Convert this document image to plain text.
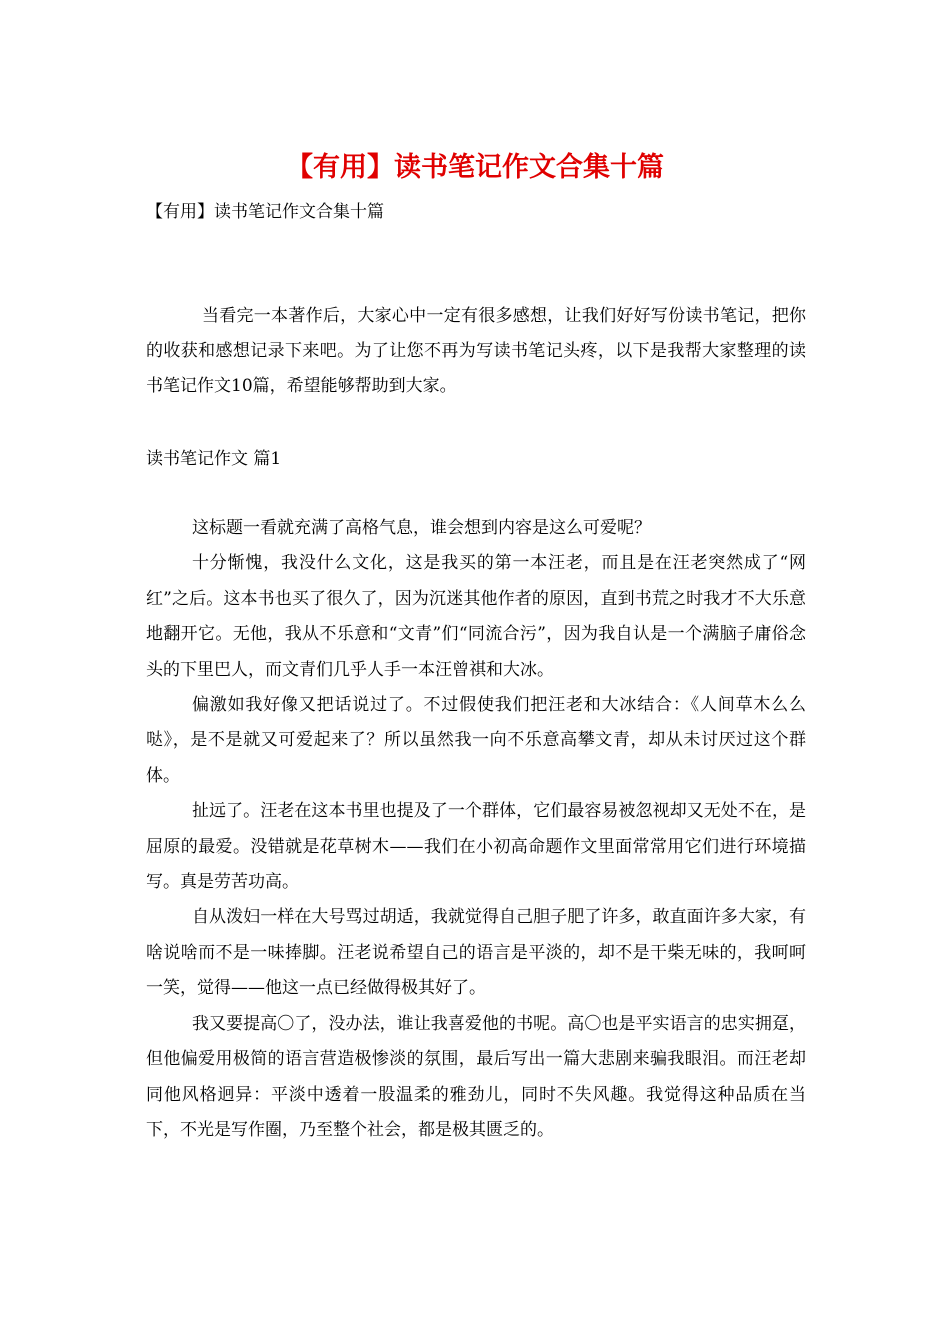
【有用】读书笔记作文合集十篇
【有用】读书笔记作文合集十篇

当看完一本著作后，大家心中一定有很多感想，让我们好好写份读书笔记，把你的收获和感想记录下来吧。为了让您不再为写读书笔记头疼，以下是我帮大家整理的读书笔记作文10篇，希望能够帮助到大家。

读书笔记作文 篇1

这标题一看就充满了高格气息，谁会想到内容是这么可爱呢？

十分惭愧，我没什么文化，这是我买的第一本汪老，而且是在汪老突然成了“网红”之后。这本书也买了很久了，因为沉迷其他作者的原因，直到书荒之时我才不大乐意地翻开它。无他，我从不乐意和“文青”们“同流合污”，因为我自认是一个满脑子庸俗念头的下里巴人，而文青们几乎人手一本汪曾祺和大冰。

偏激如我好像又把话说过了。不过假使我们把汪老和大冰结合：《人间草木么么哒》，是不是就又可爱起来了？所以虽然我一向不乐意高攀文青，却从未讨厌过这个群体。

扯远了。汪老在这本书里也提及了一个群体，它们最容易被忽视却又无处不在，是屈原的最爱。没错就是花草树木——我们在小初高命题作文里面常常用它们进行环境描写。真是劳苦功高。

自从泼妇一样在大号骂过胡适，我就觉得自己胆子肥了许多，敢直面许多大家，有啥说啥而不是一味捧脚。汪老说希望自己的语言是平淡的，却不是干柴无味的，我呵呵一笑，觉得——他这一点已经做得极其好了。

我又要提高〇了，没办法，谁让我喜爱他的书呢。高〇也是平实语言的忠实拥趸，但他偏爱用极简的语言营造极惨淡的氛围，最后写出一篇大悲剧来骗我眼泪。而汪老却同他风格迥异：平淡中透着一股温柔的雅劲儿，同时不失风趣。我觉得这种品质在当下，不光是写作圈，乃至整个社会，都是极其匮乏的。
